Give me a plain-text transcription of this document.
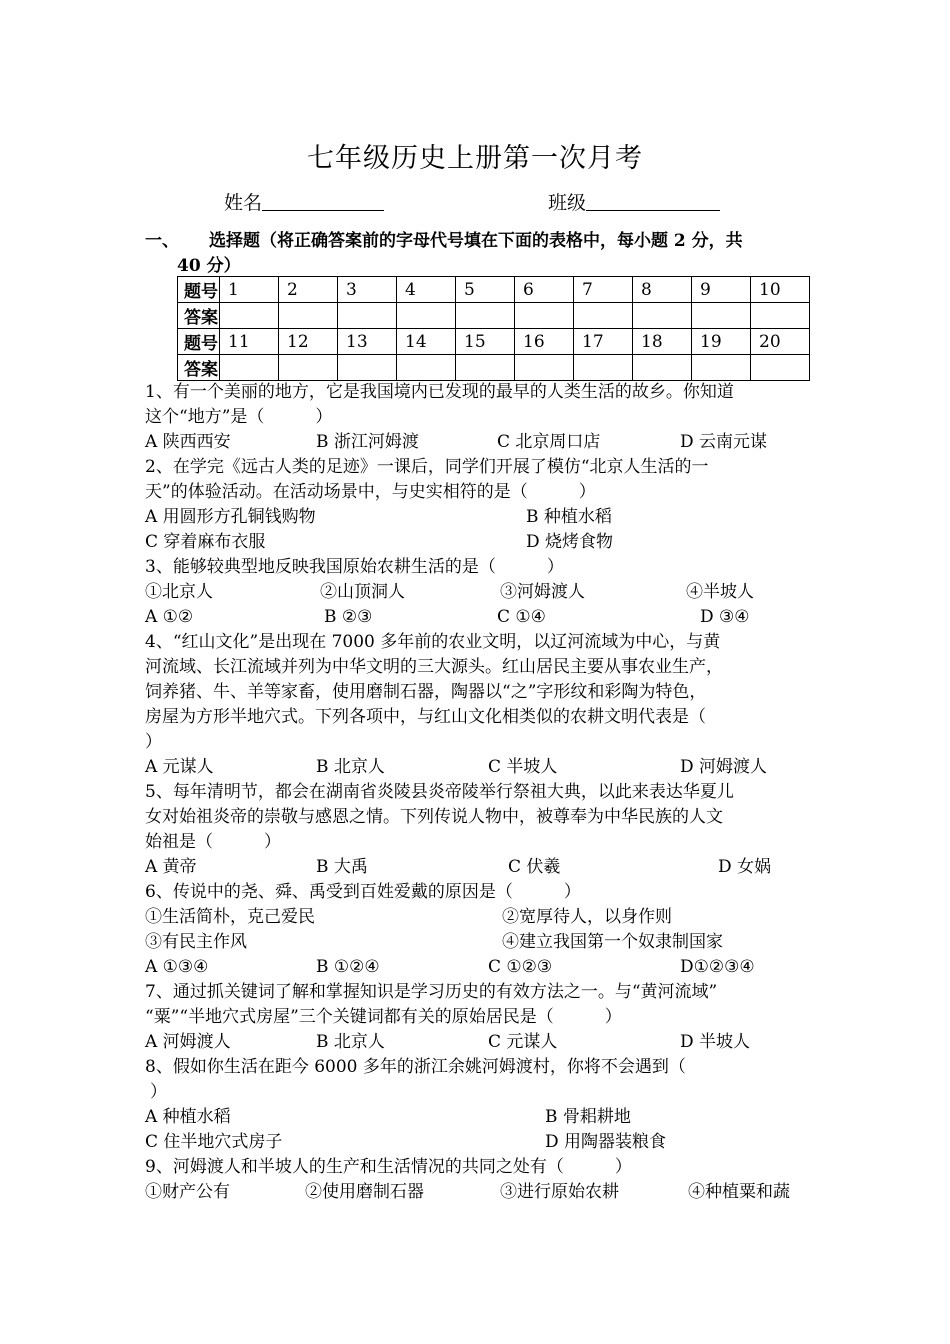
七年级历史上册第一次月考
姓名	班级
一、 选择题（将正确答案前的字母代号填在下面的表格中，每小题 2 分，共
40 分）
题号	1	2	3	4	5	6	7	8	9	10
答案										
题号	11	12	13	14	15	16	17	18	19	20
答案										
1、有一个美丽的地方，它是我国境内已发现的最早的人类生活的故乡。你知道
这个“地方”是（　　　）
A 陕西西安	B 浙江河姆渡	C 北京周口店	D 云南元谋
2、在学完《远古人类的足迹》一课后，同学们开展了模仿“北京人生活的一
天”的体验活动。在活动场景中，与史实相符的是（　　　）
A 用圆形方孔铜钱购物	B 种植水稻
C 穿着麻布衣服	D 烧烤食物
3、能够较典型地反映我国原始农耕生活的是（　　　）
①北京人	②山顶洞人	③河姆渡人	④半坡人
A ①②	B ②③	C ①④	D ③④
4、“红山文化”是出现在 7000 多年前的农业文明，以辽河流域为中心，与黄
河流域、长江流域并列为中华文明的三大源头。红山居民主要从事农业生产，
饲养猪、牛、羊等家畜，使用磨制石器，陶器以“之”字形纹和彩陶为特色，
房屋为方形半地穴式。下列各项中，与红山文化相类似的农耕文明代表是（
）
A 元谋人	B 北京人	C 半坡人	D 河姆渡人
5、每年清明节，都会在湖南省炎陵县炎帝陵举行祭祖大典，以此来表达华夏儿
女对始祖炎帝的崇敬与感恩之情。下列传说人物中，被尊奉为中华民族的人文
始祖是（　　　）
A 黄帝	B 大禹	C 伏羲	D 女娲
6、传说中的尧、舜、禹受到百姓爱戴的原因是（　　　）
①生活简朴，克己爱民	②宽厚待人，以身作则
③有民主作风	④建立我国第一个奴隶制国家
A ①③④	B ①②④	C ①②③	D①②③④
7、通过抓关键词了解和掌握知识是学习历史的有效方法之一。与“黄河流域”
“粟”“半地穴式房屋”三个关键词都有关的原始居民是（　　　）
A 河姆渡人	B 北京人	C 元谋人	D 半坡人
8、假如你生活在距今 6000 多年的浙江余姚河姆渡村，你将不会遇到（
）
A 种植水稻	B 骨耜耕地
C 住半地穴式房子	D 用陶器装粮食
9、河姆渡人和半坡人的生产和生活情况的共同之处有（　　　）
①财产公有	②使用磨制石器	③进行原始农耕	④种植粟和蔬
